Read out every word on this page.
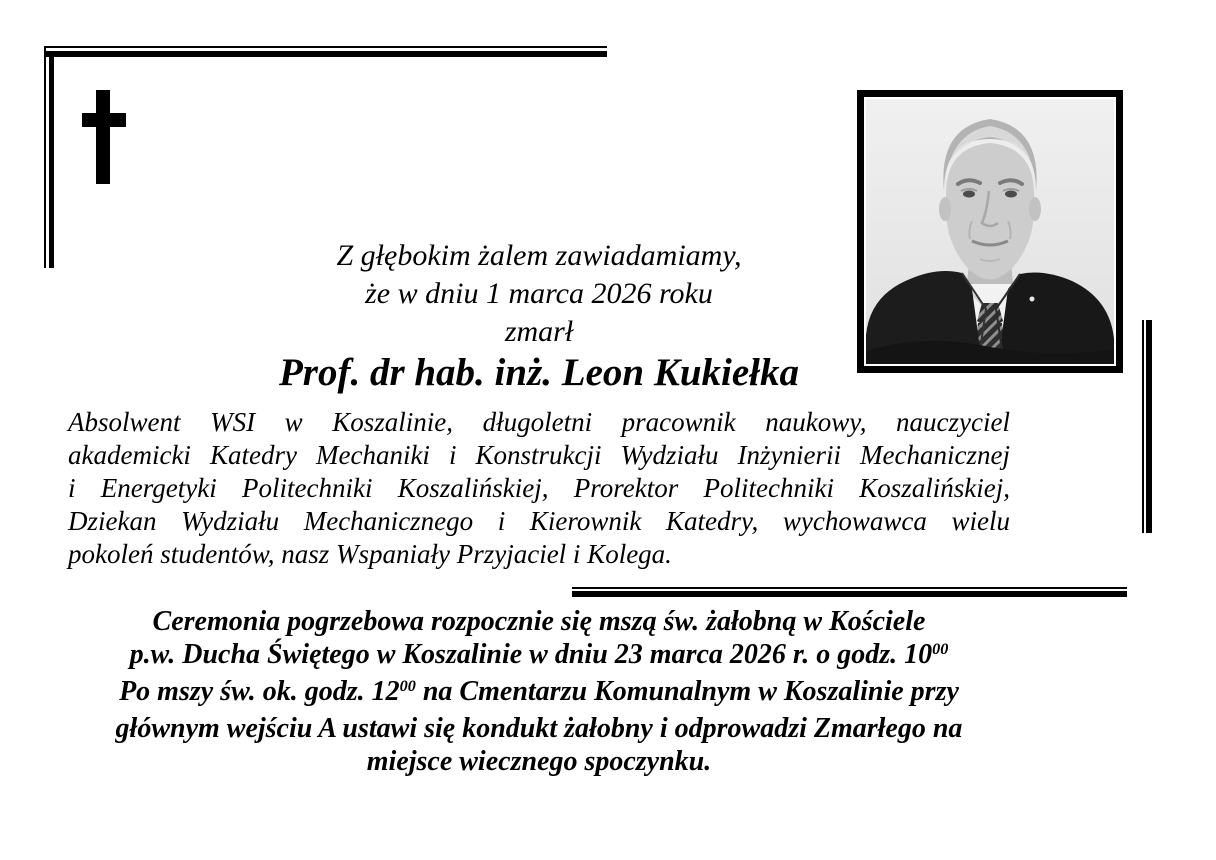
Z głębokim żalem zawiadamiamy,

że w dniu 1 marca 2026 roku

zmarł

Prof. dr hab. inż. Leon Kukiełka

Absolwent WSI w Koszalinie, długoletni pracownik naukowy, nauczyciel

akademicki Katedry Mechaniki i Konstrukcji Wydziału Inżynierii Mechanicznej

i Energetyki Politechniki Koszalińskiej, Prorektor Politechniki Koszalińskiej,

Dziekan Wydziału Mechanicznego i Kierownik Katedry, wychowawca wielu

pokoleń studentów, nasz Wspaniały Przyjaciel i Kolega.

Ceremonia pogrzebowa rozpocznie się mszą św. żałobną w Kościele

p.w. Ducha Świętego w Koszalinie w dniu 23 marca 2026 r. o godz. $10^{00}$

Po mszy św. ok. godz. $12^{00}$ na Cmentarzu Komunalnym w Koszalinie przy

głównym wejściu A ustawi się kondukt żałobny i odprowadzi Zmarłego na

miejsce wiecznego spoczynku.
